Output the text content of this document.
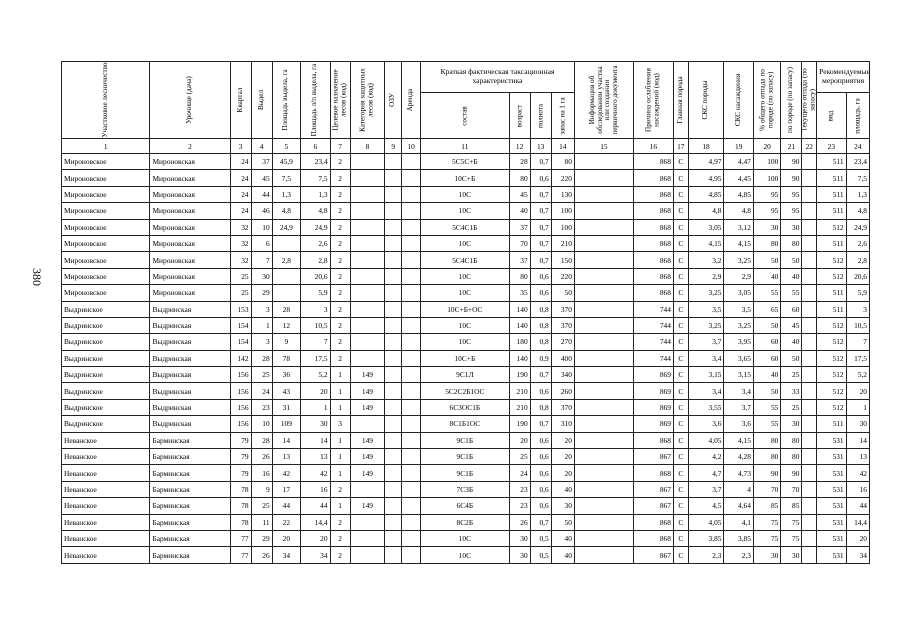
380
Участковое лесничество	Урочище (дача)	Квартал	Выдел	Площадь выдела, га	Площадь л/п выдела, га	Целевое назначение лесов (код)	Категория защитных лесов (код)	ОЗУ	Аренда	Краткая фактическая таксационная характеристика				Информация об обследовании участка или создании первичного документа	Причина ослабления насаждений (код)	Главная порода	СКС породы	СКС насаждения	% общего отпада по породе (по запасу)	по породе (по запасу)	Текущего отпада (по запасу)	Рекомендуемые мероприятия	

										состав	возраст	полнота	запас на 1 га									вид	площадь, га

1	2	3	4	5	6	7	8	9	10	11	12	13	14	15	16	17	18	19	20	21	22	23	24
Мироновское	Мироновская	24	37	45,9	23,4	2				5С5С+Б	28	0,7	80		868	С	4,97	4,47	100	90		511	23,4
Мироновское	Мироновская	24	45	7,5	7,5	2				10С+Б	80	0,6	220		868	С	4,95	4,45	100	90		511	7,5
Мироновское	Мироновская	24	44	1,3	1,3	2				10С	45	0,7	130		868	С	4,85	4,85	95	95		511	1,3
Мироновское	Мироновская	24	46	4,8	4,8	2				10С	40	0,7	100		868	С	4,8	4,8	95	95		511	4,8
Мироновское	Мироновская	32	10	24,9	24,9	2				5С4С1Б	37	0,7	100		868	С	3,05	3,12	30	30		512	24,9
Мироновское	Мироновская	32	6		2,6	2				10С	70	0,7	210		868	С	4,15	4,15	80	80		511	2,6
Мироновское	Мироновская	32	7	2,8	2,8	2				5С4С1Б	37	0,7	150		868	С	3,2	3,25	50	50		512	2,8
Мироновское	Мироновская	25	30		20,6	2				10С	80	0,6	220		868	С	2,9	2,9	40	40		512	20,6
Мироновское	Мироновская	25	29		5,9	2				10С	35	0,6	50		868	С	3,25	3,05	55	55		511	5,9
Выдринское	Выдринская	153	3	28	3	2				10С+Б+ОС	140	0,8	370		744	С	3,5	3,5	65	60		511	3
Выдринское	Выдринская	154	1	12	10,5	2				10С	140	0,8	370		744	С	3,25	3,25	50	45		512	10,5
Выдринское	Выдринская	154	3	9	7	2				10С	180	0,8	270		744	С	3,7	3,95	60	40		512	7
Выдринское	Выдринская	142	28	78	17,5	2				10С+Б	140	0,9	400		744	С	3,4	3,65	60	50		512	17,5
Выдринское	Выдринская	156	25	36	5,2	1	149			9С1Л	190	0,7	340		869	С	3,15	3,15	40	25		512	5,2
Выдринское	Выдринская	156	24	43	20	1	149			5С2С2Б1ОС	210	0,6	260		869	С	3,4	3,4	50	33		512	20
Выдринское	Выдринская	156	23	31	1	1	149			6С3ОС1Б	210	0,8	370		869	С	3,55	3,7	55	25		512	1
Выдринское	Выдринская	156	10	109	30	3				8С1Б1ОС	190	0,7	310		869	С	3,6	3,6	55	30		511	30
Неванское	Барминская	79	28	14	14	1	149			9С1Б	20	0,6	20		868	С	4,05	4,15	80	80		531	14
Неванское	Барминская	79	26	13	13	1	149			9С1Б	25	0,6	20		867	С	4,2	4,28	80	80		531	13
Неванское	Барминская	79	16	42	42	1	149			9С1Б	24	0,6	20		868	С	4,7	4,73	90	90		531	42
Неванское	Барминская	78	9	17	16	2				7С3Б	23	0,6	40		867	С	3,7	4	70	70		531	16
Неванское	Барминская	78	25	44	44	1	149			6С4Б	23	0,6	30		867	С	4,5	4,64	85	85		531	44
Неванское	Барминская	78	11	22	14,4	2				8С2Б	26	0,7	50		868	С	4,05	4,1	75	75		531	14,4
Неванское	Барминская	77	29	20	20	2				10С	30	0,5	40		868	С	3,85	3,85	75	75		531	20
Неванское	Барминская	77	26	34	34	2				10С	30	0,5	40		867	С	2,3	2,3	30	30		531	34
